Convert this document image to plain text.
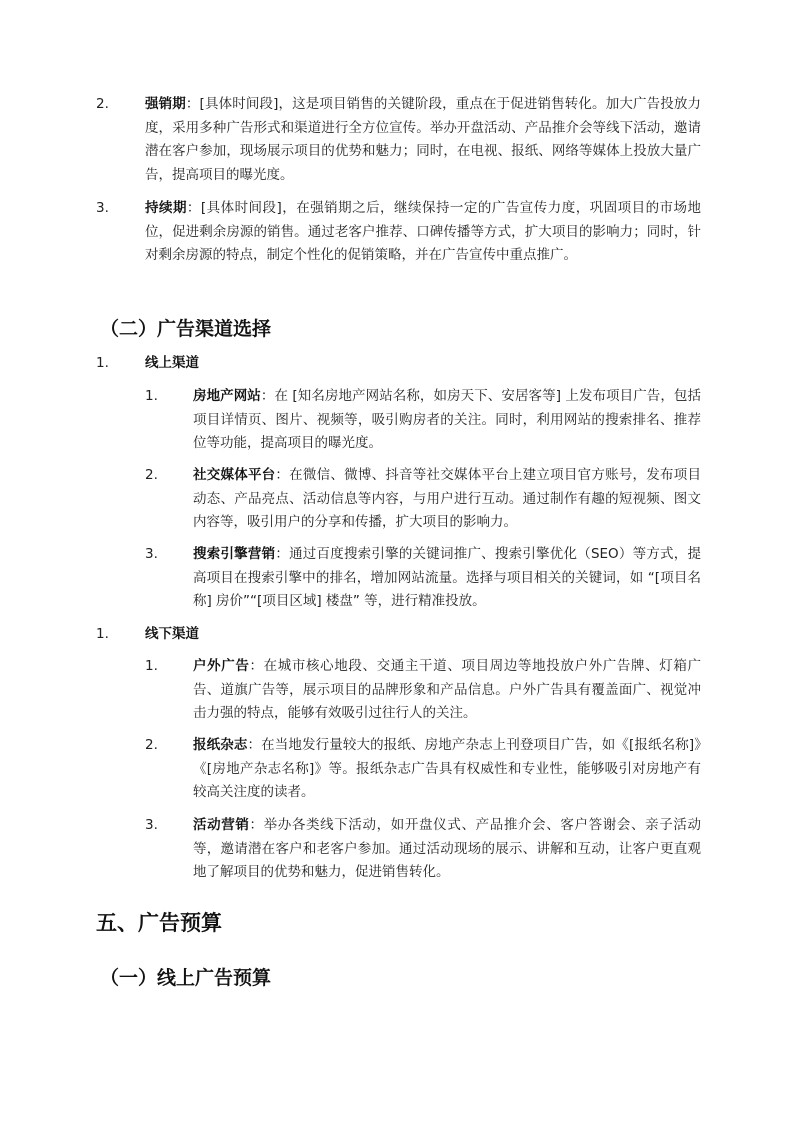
2.	强销期：[具体时间段]，这是项目销售的关键阶段，重点在于促进销售转化。加大广告投放力度，采用多种广告形式和渠道进行全方位宣传。举办开盘活动、产品推介会等线下活动，邀请潜在客户参加，现场展示项目的优势和魅力；同时，在电视、报纸、网络等媒体上投放大量广告，提高项目的曝光度。
3.	持续期：[具体时间段]，在强销期之后，继续保持一定的广告宣传力度，巩固项目的市场地位，促进剩余房源的销售。通过老客户推荐、口碑传播等方式，扩大项目的影响力；同时，针对剩余房源的特点，制定个性化的促销策略，并在广告宣传中重点推广。
（二）广告渠道选择
1.	线上渠道
1.	房地产网站：在 [知名房地产网站名称，如房天下、安居客等] 上发布项目广告，包括项目详情页、图片、视频等，吸引购房者的关注。同时，利用网站的搜索排名、推荐位等功能，提高项目的曝光度。
2.	社交媒体平台：在微信、微博、抖音等社交媒体平台上建立项目官方账号，发布项目动态、产品亮点、活动信息等内容，与用户进行互动。通过制作有趣的短视频、图文内容等，吸引用户的分享和传播，扩大项目的影响力。
3.	搜索引擎营销：通过百度搜索引擎的关键词推广、搜索引擎优化（SEO）等方式，提高项目在搜索引擎中的排名，增加网站流量。选择与项目相关的关键词，如 “[项目名称] 房价”“[项目区域] 楼盘” 等，进行精准投放。
1.	线下渠道
1.	户外广告：在城市核心地段、交通主干道、项目周边等地投放户外广告牌、灯箱广告、道旗广告等，展示项目的品牌形象和产品信息。户外广告具有覆盖面广、视觉冲击力强的特点，能够有效吸引过往行人的关注。
2.	报纸杂志：在当地发行量较大的报纸、房地产杂志上刊登项目广告，如《[报纸名称]》《[房地产杂志名称]》等。报纸杂志广告具有权威性和专业性，能够吸引对房地产有较高关注度的读者。
3.	活动营销：举办各类线下活动，如开盘仪式、产品推介会、客户答谢会、亲子活动等，邀请潜在客户和老客户参加。通过活动现场的展示、讲解和互动，让客户更直观地了解项目的优势和魅力，促进销售转化。
五、广告预算
（一）线上广告预算
